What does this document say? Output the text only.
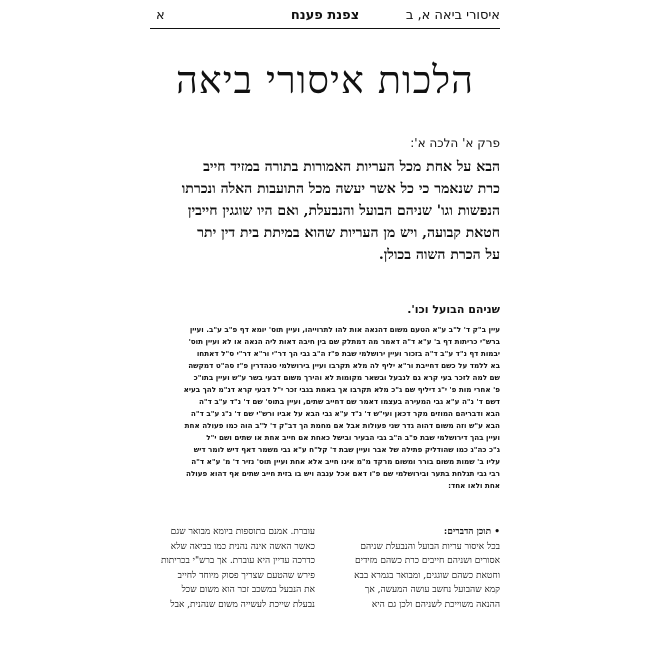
איסורי ביאה א, ב
צפנת פענח
א
הלכות איסורי ביאה
פרק א' הלכה א':
הבא על אחת מכל העריות האמורות בתורה במזיד חייב
כרת שנאמר כי כל אשר יעשה מכל התועבות האלה ונכרתו
הנפשות וגו' שניהם הבועל והנבעלת, ואם היו שוגגין חייבין
חטאת קבועה, ויש מן העריות שהוא במיתת בית דין יתר
על הכרת השוה בכולן.
שניהם הבועל וכו'.
עיין ב"ק ד' ל"ב ע"א הטעם משום דהנאה אות להו לתרוייהו, ועיין תוס' יומא דף פ"ב ע"ב. ועיין
ברש"י כריתות דף ב' ע"א ד"ה דאמר מה דמתלק שם בין חיבה דאות ליה הנאה או לא ועיין תוס'
יבמות דף נ"ד ע"ב ד"ה בזכור ועיין ירושלמי שבת פ"ז ה"ב גבי הך דר"י ור"א דר"י ס"ל דאתחו
בא ללמד על כשם דחייבת ור"א יליף לה מלא תקרבו ועיין בירושלמי סנהדרין פ"ז סה"ט דמקשה
שם למה לזכר בעי קרא גם לנבעל ובשאר מקומות לא והירך משום דבעי בשר ע"ש ועיין בתו"כ
פ' אחרי מות פ' י"ג דיליף שם ג"כ מלא תקרבו אך באמת בגבי זכר י"ל דבעי קרא דנ"מ להך בעיא
דשם ד' נ"ה ע"א גבי המעירה בעצמו דאמר שם דחייב שתים, ועיין בתוס' שם ד' נ"ד ע"ב ד"ה
הבא ודבריהם המוזים מקר דכאן ועי"ש ד' נ"ד ע"א גבי הבא על אביו ורש"י שם ד' נ"ג ע"ב ד"ה
הבא ע"ש וזה משום דהוה גדר שני פעולות אבל אם מחמת הך דב"ק ד' ל"ב הוה כמו פעולה אחת
ועיין בהך דירושלמי שבת פ"ב ה"ב גבי הבעיר ובישל כאחת אם חייב אחת או שתים ושם י"ל
ג"כ כה"ג כמו שהודליק פתילה של אבר ועיין שבת ד' קל"ח ע"א גבי משמר דאף דיש לומר דיש
עליו ב' שמות משום בורר ומשום מרקד מ"מ אינו חייב אלא אחת ועיין תוס' נזיר ד' מ' ע"א ד"ה
רבי גבי תגלחת בתער ובירושלמי שם פ"ו דאם אכל ענבה ויש בו בזית חייב שתים אף דהוא פעולה
אחת ולאו אחד:
• תוכן הדברים:
בכל איסור עריות הבועל והנבעלת שניהם
אסורים ושניהם חייבים כרת כשהם מזידים
וחטאת כשהם שוגגים, ומבואר בגמרא בבא
קמא שהבועל נחשב עושה המעשה, אך
ההנאה משוייכת לשניהם ולכן גם היא
עוברת. אמנם בתוספות ביומא מבואר שגם
כאשר האשה אינה נהנית כמו בביאה שלא
כדרכה עדיין היא עוברת. אך ברש"י בכריתות
פירש שהטעם שצריך פסוק מיוחד לחייב
את הנבעל במשכב זכר הוא משום שכל
נבעלת שייכת לעשייה משום שנהנית, אבל
